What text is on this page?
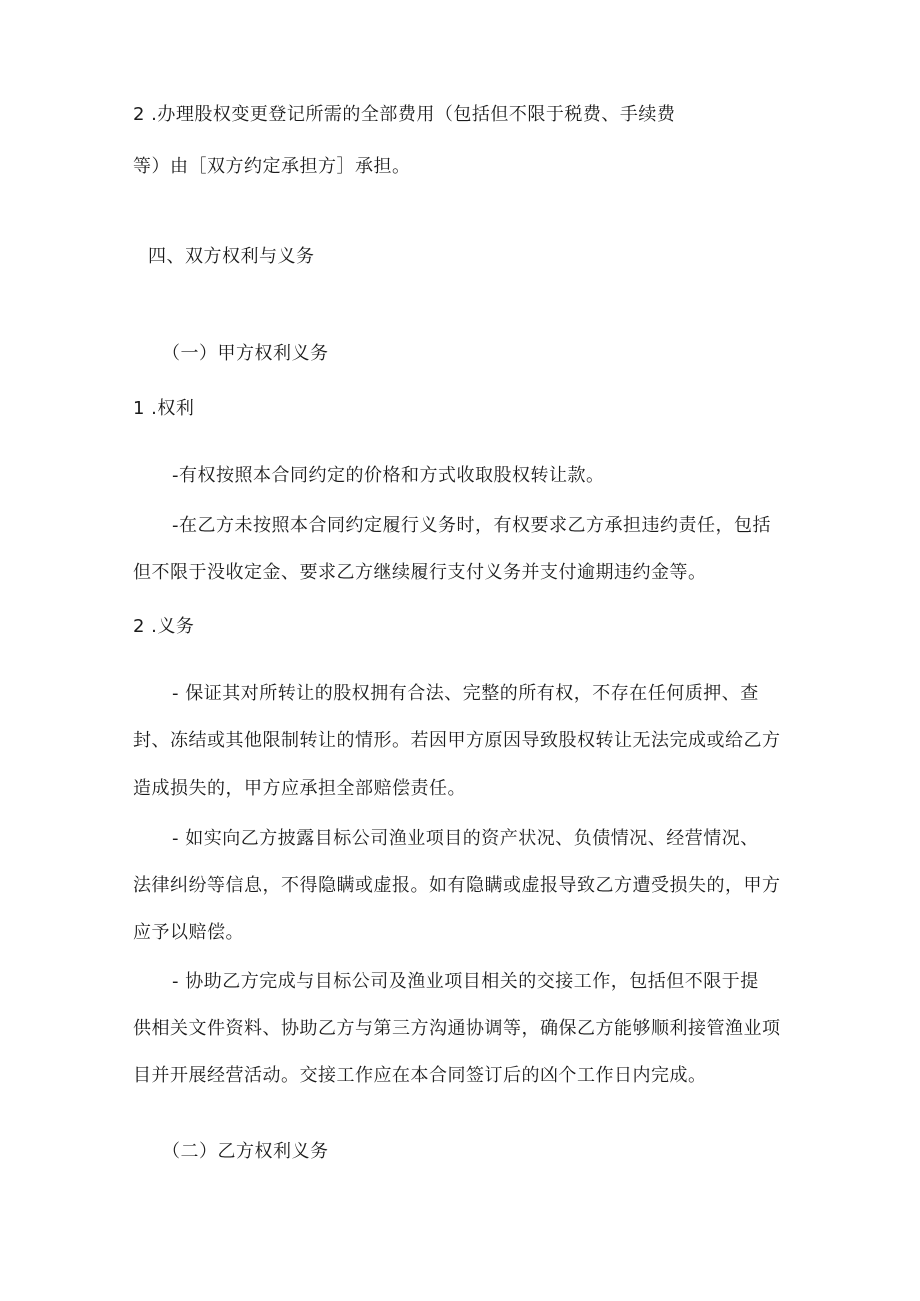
2 .办理股权变更登记所需的全部费用（包括但不限于税费、手续费
等）由［双方约定承担方］承担。
四、双方权利与义务
（一）甲方权利义务
1 .权利
-有权按照本合同约定的价格和方式收取股权转让款。
-在乙方未按照本合同约定履行义务时，有权要求乙方承担违约责任，包括
但不限于没收定金、要求乙方继续履行支付义务并支付逾期违约金等。
2 .义务
- 保证其对所转让的股权拥有合法、完整的所有权，不存在任何质押、查
封、冻结或其他限制转让的情形。若因甲方原因导致股权转让无法完成或给乙方
造成损失的，甲方应承担全部赔偿责任。
- 如实向乙方披露目标公司渔业项目的资产状况、负债情况、经营情况、
法律纠纷等信息，不得隐瞒或虚报。如有隐瞒或虚报导致乙方遭受损失的，甲方
应予以赔偿。
- 协助乙方完成与目标公司及渔业项目相关的交接工作，包括但不限于提
供相关文件资料、协助乙方与第三方沟通协调等，确保乙方能够顺利接管渔业项
目并开展经营活动。交接工作应在本合同签订后的凶个工作日内完成。
（二）乙方权利义务
